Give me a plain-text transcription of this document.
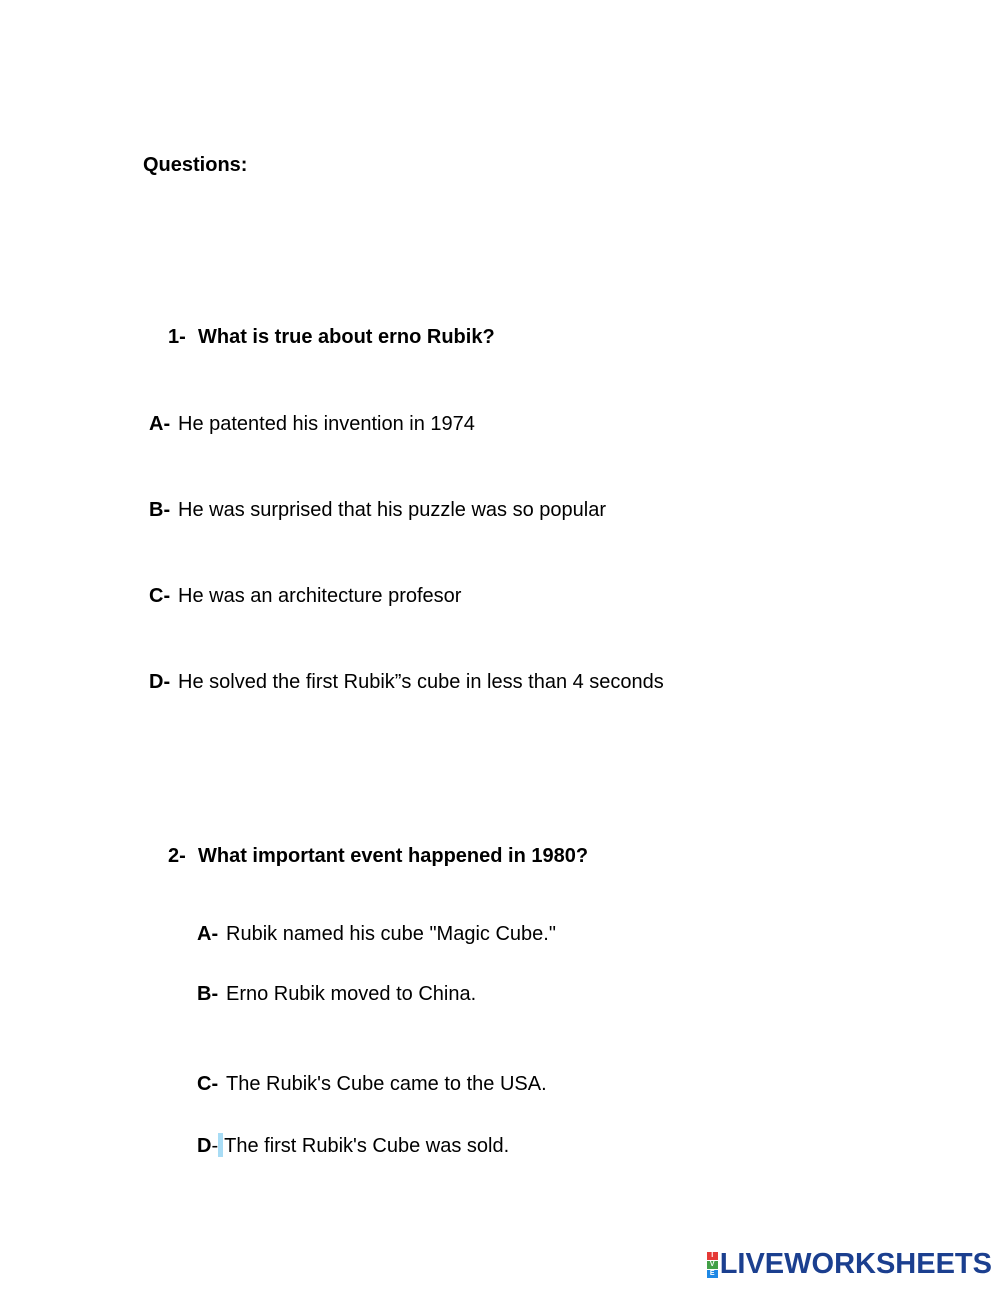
Questions:
1- What is true about erno Rubik?
A- He patented his invention in 1974
B- He was surprised that his puzzle was so popular
C- He was an architecture profesor
D- He solved the first Rubik”s cube in less than 4 seconds
2- What important event happened in 1980?
A- Rubik named his cube "Magic Cube."
B- Erno Rubik moved to China.
C- The Rubik's Cube came to the USA.
D- The first Rubik's Cube was sold.
I
V
E LIVEWORKSHEETS
